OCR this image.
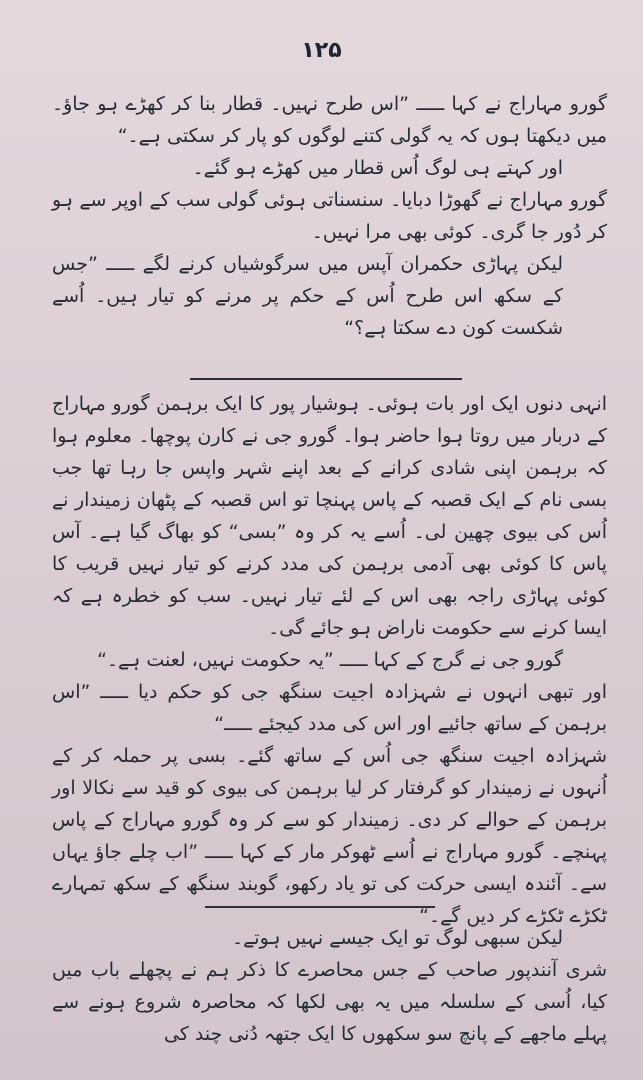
۱۲۵

گورو مہاراج نے کہا ـــــ ”اس طرح نہیں۔ قطار بنا کر کھڑے ہو جاؤ۔ میں دیکھتا ہوں کہ یہ گولی کتنے لوگوں کو پار کر سکتی ہے۔“

اور کہتے ہی لوگ اُس قطار میں کھڑے ہو گئے۔

گورو مہاراج نے گھوڑا دبایا۔ سنسناتی ہوئی گولی سب کے اوپر سے ہو کر دُور جا گری۔ کوئی بھی مرا نہیں۔

لیکن پہاڑی حکمران آپس میں سرگوشیاں کرنے لگے ـــــ ”جس کے سکھ اس طرح اُس کے حکم پر مرنے کو تیار ہیں۔ اُسے شکست کون دے سکتا ہے؟“

انہی دنوں ایک اور بات ہوئی۔ ہوشیار پور کا ایک برہمن گورو مہاراج کے دربار میں روتا ہوا حاضر ہوا۔ گورو جی نے کارن پوچھا۔ معلوم ہوا کہ برہمن اپنی شادی کرانے کے بعد اپنے شہر واپس جا رہا تھا جب بسی نام کے ایک قصبہ کے پاس پہنچا تو اس قصبہ کے پٹھان زمیندار نے اُس کی بیوی چھین لی۔ اُسے یہ کر وہ ”بسی“ کو بھاگ گیا ہے۔ آس پاس کا کوئی بھی آدمی برہمن کی مدد کرنے کو تیار نہیں قریب کا کوئی پہاڑی راجہ بھی اس کے لئے تیار نہیں۔ سب کو خطرہ ہے کہ ایسا کرنے سے حکومت ناراض ہو جائے گی۔

گورو جی نے گرج کے کہا ـــــ ”یہ حکومت نہیں، لعنت ہے۔“

اور تبھی انہوں نے شہزادہ اجیت سنگھ جی کو حکم دیا ـــــ ”اس برہمن کے ساتھ جائیے اور اس کی مدد کیجئے ـــــ“

شہزادہ اجیت سنگھ جی اُس کے ساتھ گئے۔ بسی پر حملہ کر کے اُنہوں نے زمیندار کو گرفتار کر لیا برہمن کی بیوی کو قید سے نکالا اور برہمن کے حوالے کر دی۔ زمیندار کو سے کر وہ گورو مہاراج کے پاس پہنچے۔ گورو مہاراج نے اُسے ٹھوکر مار کے کہا ـــــ ”اب چلے جاؤ یہاں سے۔ آئندہ ایسی حرکت کی تو یاد رکھو، گوبند سنگھ کے سکھ تمہارے ٹکڑے ٹکڑے کر دیں گے۔“

لیکن سبھی لوگ تو ایک جیسے نہیں ہوتے۔

شری آنندپور صاحب کے جس محاصرے کا ذکر ہم نے پچھلے باب میں کیا، اُسی کے سلسلہ میں یہ بھی لکھا کہ محاصرہ شروع ہونے سے پہلے ماجھے کے پانچ سو سکھوں کا ایک جتھہ دُنی چند کی
